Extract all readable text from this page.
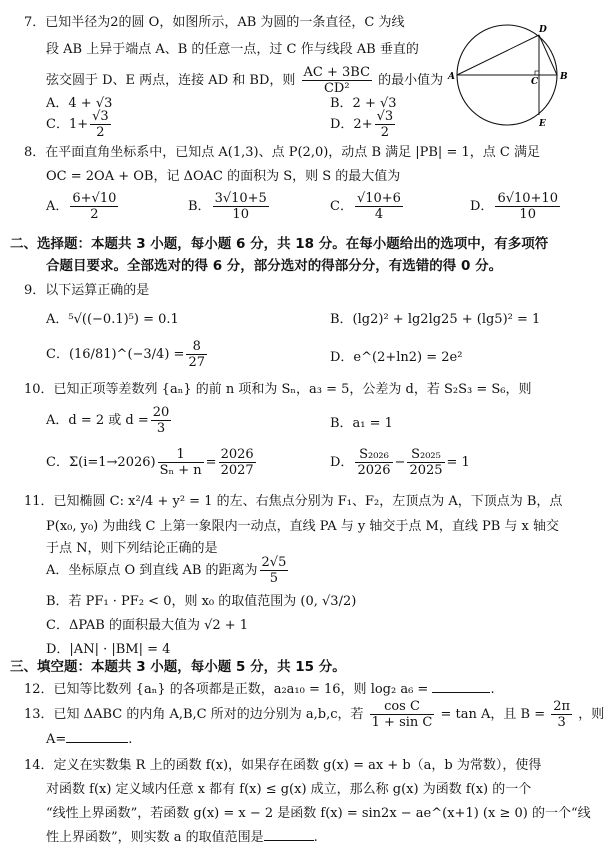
7．已知半径为2的圆 O，如图所示，AB 为圆的一条直径，C 为线
段 AB 上异于端点 A、B 的任意一点，过 C 作与线段 AB 垂直的
弦交圆于 D、E 两点，连接 AD 和 BD，则 $\frac{AC + 3BC}{\text{CD²}}$ 的最小值为
A．4 + √3	B．2 + √3
C．$1+ \frac{√3}{2}$	D．$2+ \frac{√3}{2}$
A	B
C
D
E
8．在平面直角坐标系中，已知点 A(1,3)、点 P(2,0)，动点 B 满足 |PB| = 1，点 C 满足
OC = 2OA + OB，记 ΔOAC 的面积为 S，则 S 的最大值为
A． $\frac{6+√10}{2}$	B． $\frac{3√10+5}{10}$	C． $\frac{√10+6}{4}$	D． $\frac{6√10+10}{10}$
二、选择题：本题共 3 小题，每小题 6 分，共 18 分。在每小题给出的选项中，有多项符
合题目要求。全部选对的得 6 分，部分选对的得部分分，有选错的得 0 分。
9．以下运算正确的是
A．⁵√((−0.1)⁵) = 0.1	B．(lg2)² + lg2lg25 + (lg5)² = 1
C．(16/81)^(−3/4) = $\frac{8}{27}$	D．e^(2+ln2) = 2e²
10．已知正项等差数列 {aₙ} 的前 n 项和为 Sₙ，a₃ = 5，公差为 d，若 S₂S₃ = S₆，则
A．d = 2 或 $d = \frac{20}{3}$	B．a₁ = 1
C．$\Sigma(i=1\to 2026) \frac{1}{\text{Sₙ + n}} = \frac{2026}{2027}$	D． $\frac{\text{S₂₀₂₆}}{2026} - \frac{\text{S₂₀₂₅}}{2025} = 1$
11．已知椭圆 C: x²/4 + y² = 1 的左、右焦点分别为 F₁、F₂，左顶点为 A，下顶点为 B，点
P(x₀, y₀) 为曲线 C 上第一象限内一动点，直线 PA 与 y 轴交于点 M，直线 PB 与 x 轴交
于点 N，则下列结论正确的是
A．坐标原点 O 到直线 AB 的距离为 $\frac{2√5}{5}$
B．若 PF₁ · PF₂ < 0，则 x₀ 的取值范围为 (0, √3/2)
C．ΔPAB 的面积最大值为 √2 + 1
D．|AN| · |BM| = 4
三、填空题：本题共 3 小题，每小题 5 分，共 15 分。
12．已知等比数列 {aₙ} 的各项都是正数，a₂a₁₀ = 16，则 log₂ a₆ =	.
13．已知 ΔABC 的内角 A,B,C 所对的边分别为 a,b,c，若 $\frac{\text{cos C}}{\text{1 + sin C}} = \tan A$，且 $B = \frac{2\pi}{3}$ ，则
A=	.
14．定义在实数集 R 上的函数 f(x)，如果存在函数 g(x) = ax + b（a，b 为常数），使得
对函数 f(x) 定义域内任意 x 都有 f(x) ≤ g(x) 成立，那么称 g(x) 为函数 f(x) 的一个
“线性上界函数”，若函数 g(x) = x − 2 是函数 f(x) = sin2x − ae^(x+1) (x ≥ 0) 的一个“线
性上界函数”，则实数 a 的取值范围是	.
